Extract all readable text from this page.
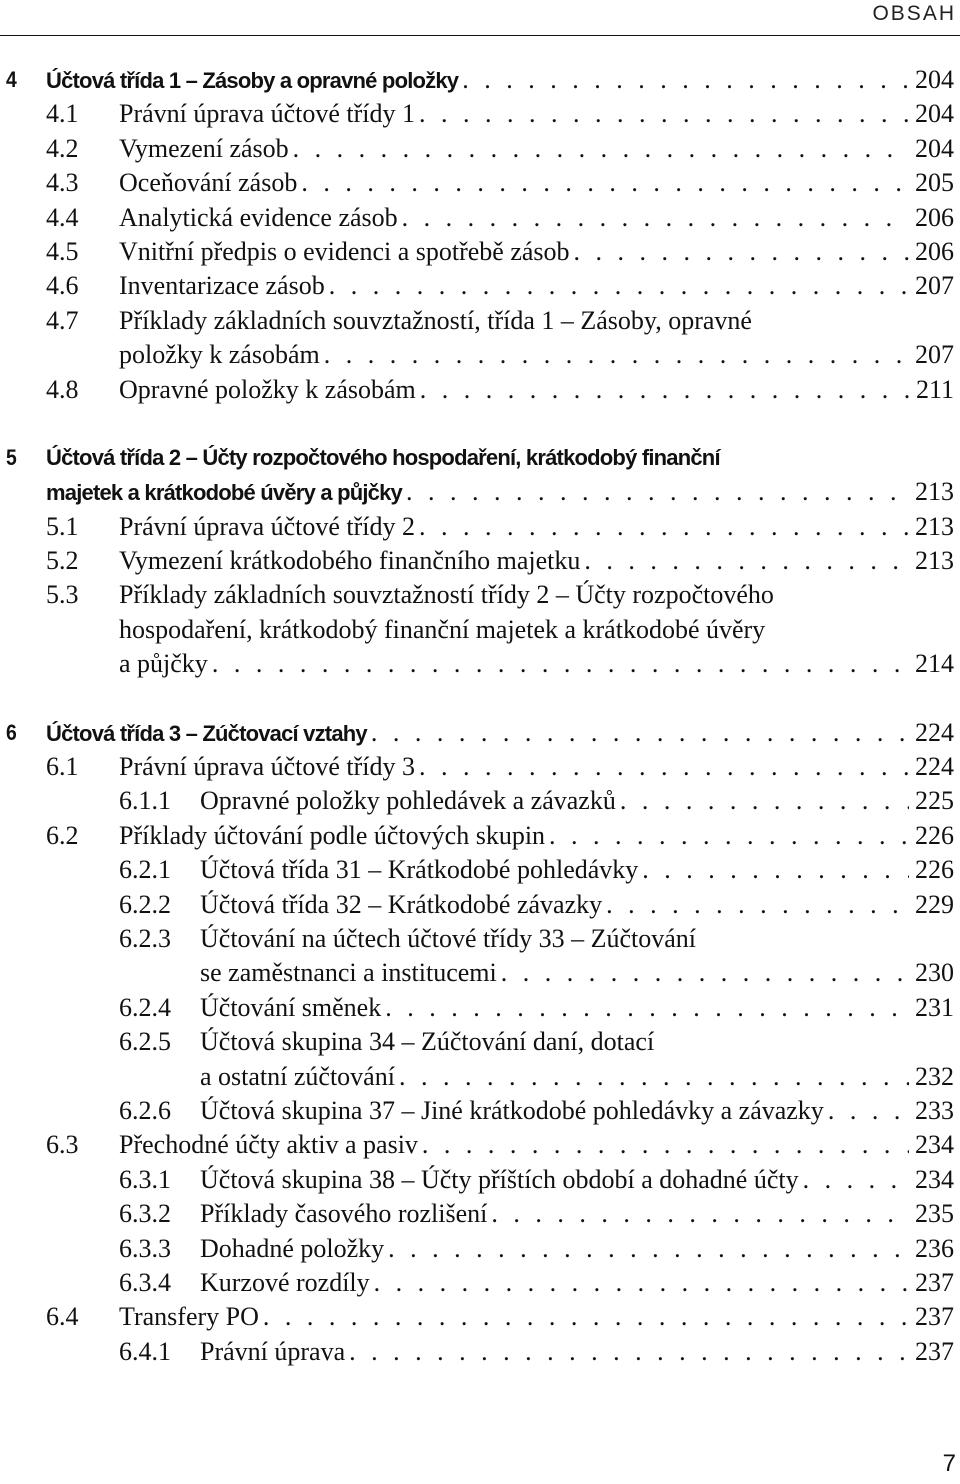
OBSAH
4 Účtová třída 1 – Zásoby a opravné položky . . .	204
4.1 Právní úprava účtové třídy 1 . . .	204
4.2 Vymezení zásob . . .	204
4.3 Oceňování zásob . . .	205
4.4 Analytická evidence zásob . . .	206
4.5 Vnitřní předpis o evidenci a spotřebě zásob . . .	206
4.6 Inventarizace zásob . . .	207
4.7 Příklady základních souvztažností, třída 1 – Zásoby, opravné
položky k zásobám . . .	207
4.8 Opravné položky k zásobám . . .	211
5 Účtová třída 2 – Účty rozpočtového hospodaření, krátkodobý finanční
majetek a krátkodobé úvěry a půjčky . . .	213
5.1 Právní úprava účtové třídy 2 . . .	213
5.2 Vymezení krátkodobého finančního majetku . . .	213
5.3 Příklady základních souvztažností třídy 2 – Účty rozpočtového
hospodaření, krátkodobý finanční majetek a krátkodobé úvěry
a půjčky . . .	214
6 Účtová třída 3 – Zúčtovací vztahy . . .	224
6.1 Právní úprava účtové třídy 3 . . .	224
6.1.1 Opravné položky pohledávek a závazků . . .	225
6.2 Příklady účtování podle účtových skupin . . .	226
6.2.1 Účtová třída 31 – Krátkodobé pohledávky . . .	226
6.2.2 Účtová třída 32 – Krátkodobé závazky . . .	229
6.2.3 Účtování na účtech účtové třídy 33 – Zúčtování
se zaměstnanci a institucemi . . .	230
6.2.4 Účtování směnek . . .	231
6.2.5 Účtová skupina 34 – Zúčtování daní, dotací
a ostatní zúčtování . . .	232
6.2.6 Účtová skupina 37 – Jiné krátkodobé pohledávky a závazky . . .	233
6.3 Přechodné účty aktiv a pasiv . . .	234
6.3.1 Účtová skupina 38 – Účty příštích období a dohadné účty . . .	234
6.3.2 Příklady časového rozlišení . . .	235
6.3.3 Dohadné položky . . .	236
6.3.4 Kurzové rozdíly . . .	237
6.4 Transfery PO . . .	237
6.4.1 Právní úprava . . .	237
7
